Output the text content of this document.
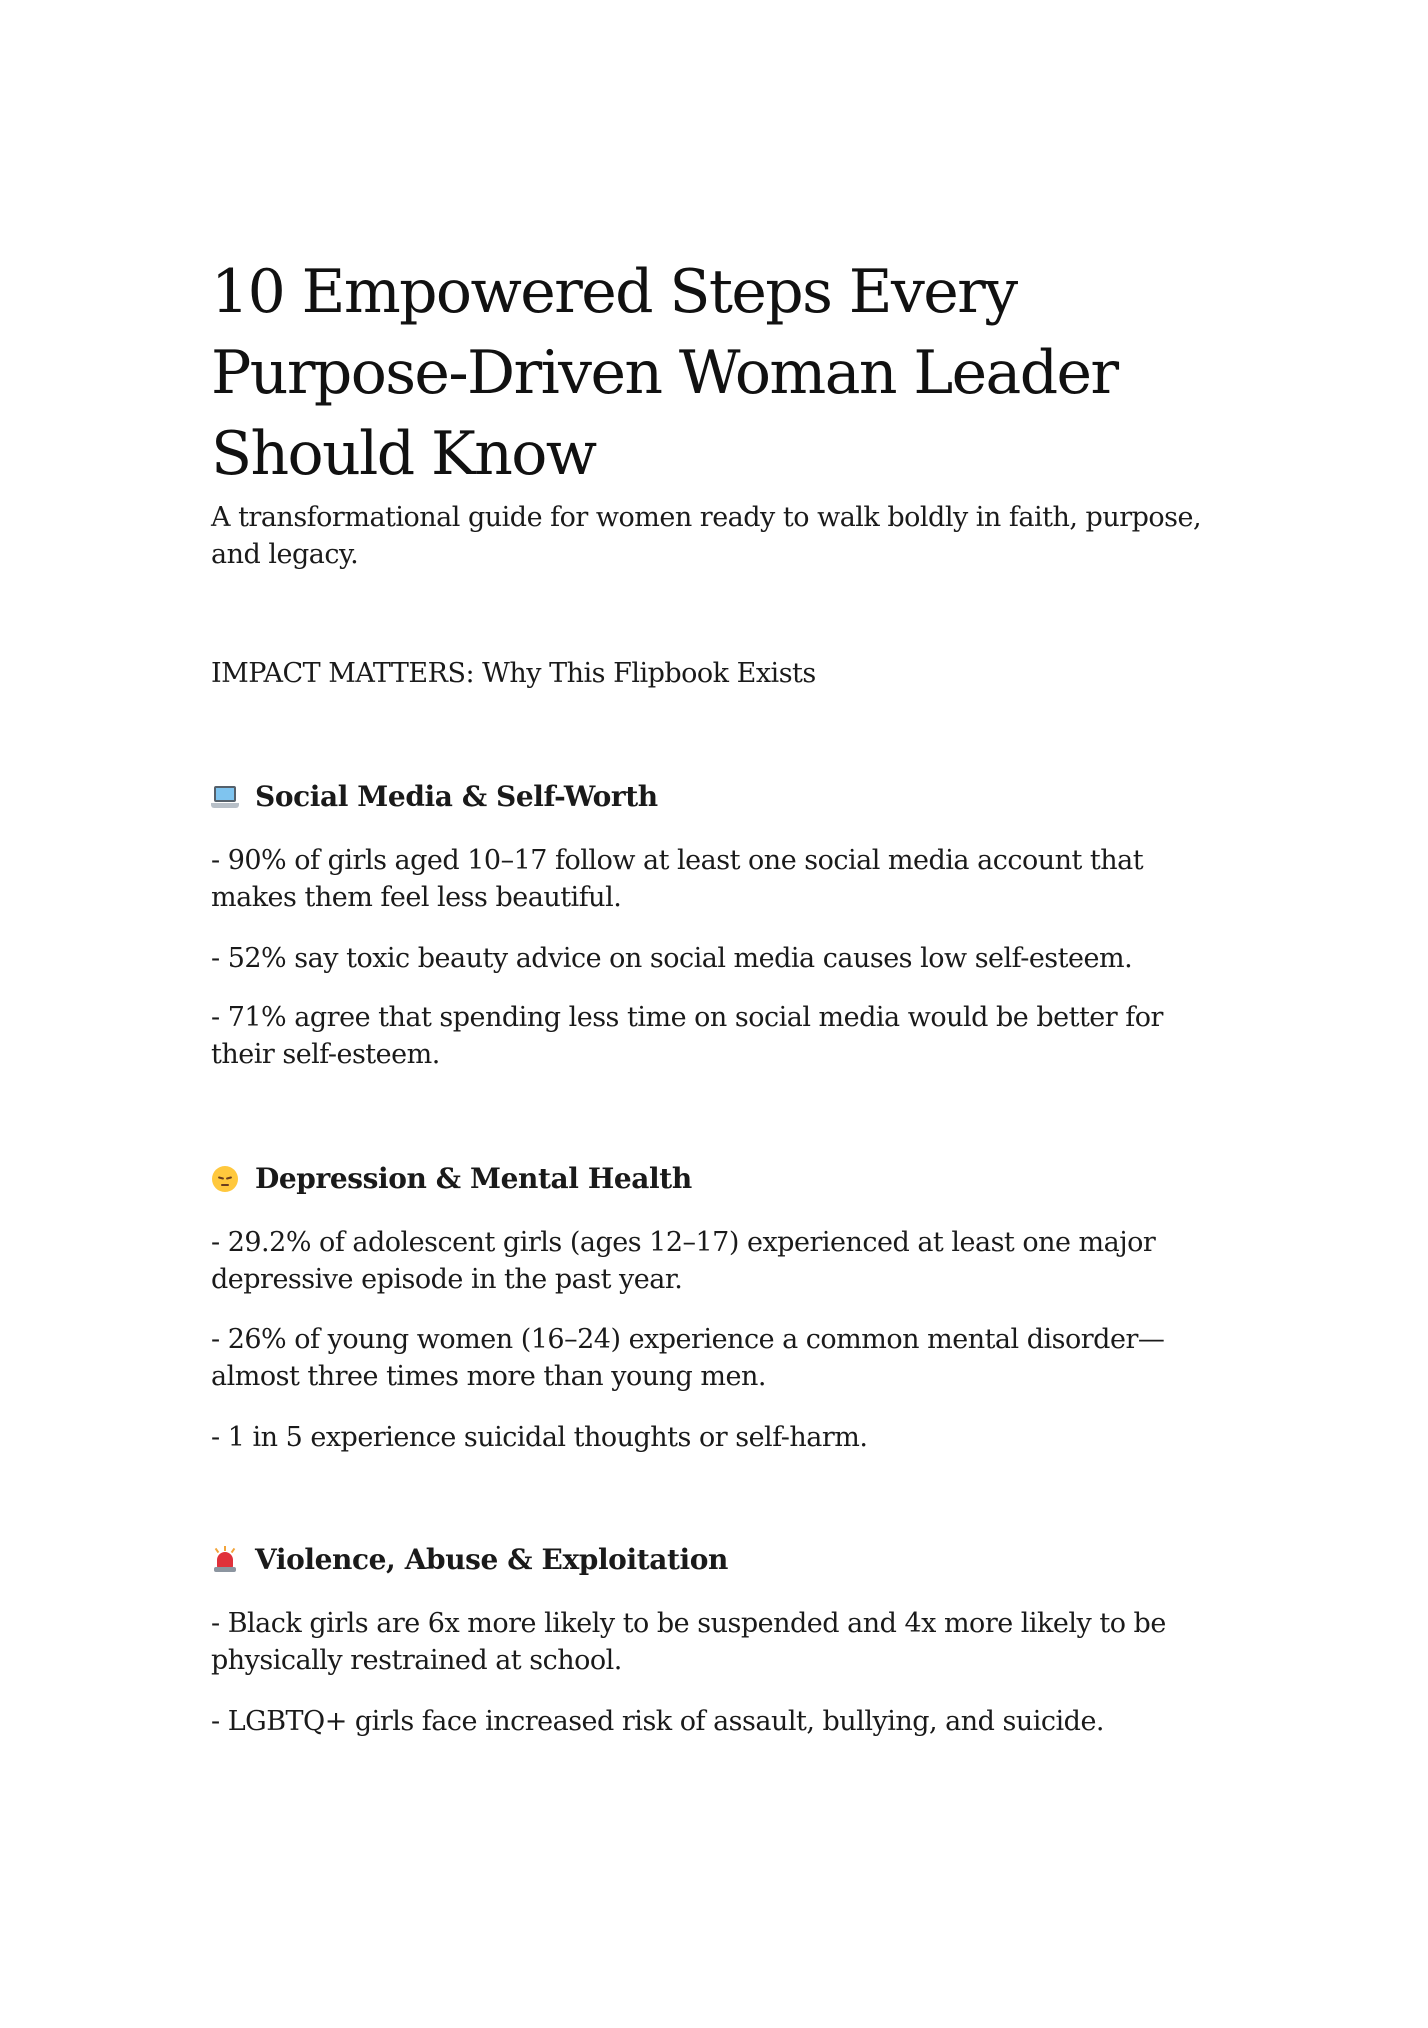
10 Empowered Steps Every Purpose-Driven Woman Leader Should Know

A transformational guide for women ready to walk boldly in faith, purpose, and legacy.

IMPACT MATTERS: Why This Flipbook Exists

Social Media & Self-Worth

- 90% of girls aged 10–17 follow at least one social media account that makes them feel less beautiful.

- 52% say toxic beauty advice on social media causes low self-esteem.

- 71% agree that spending less time on social media would be better for their self-esteem.

Depression & Mental Health

- 29.2% of adolescent girls (ages 12–17) experienced at least one major depressive episode in the past year.

- 26% of young women (16–24) experience a common mental disorder—almost three times more than young men.

- 1 in 5 experience suicidal thoughts or self-harm.

Violence, Abuse & Exploitation

- Black girls are 6x more likely to be suspended and 4x more likely to be physically restrained at school.

- LGBTQ+ girls face increased risk of assault, bullying, and suicide.
